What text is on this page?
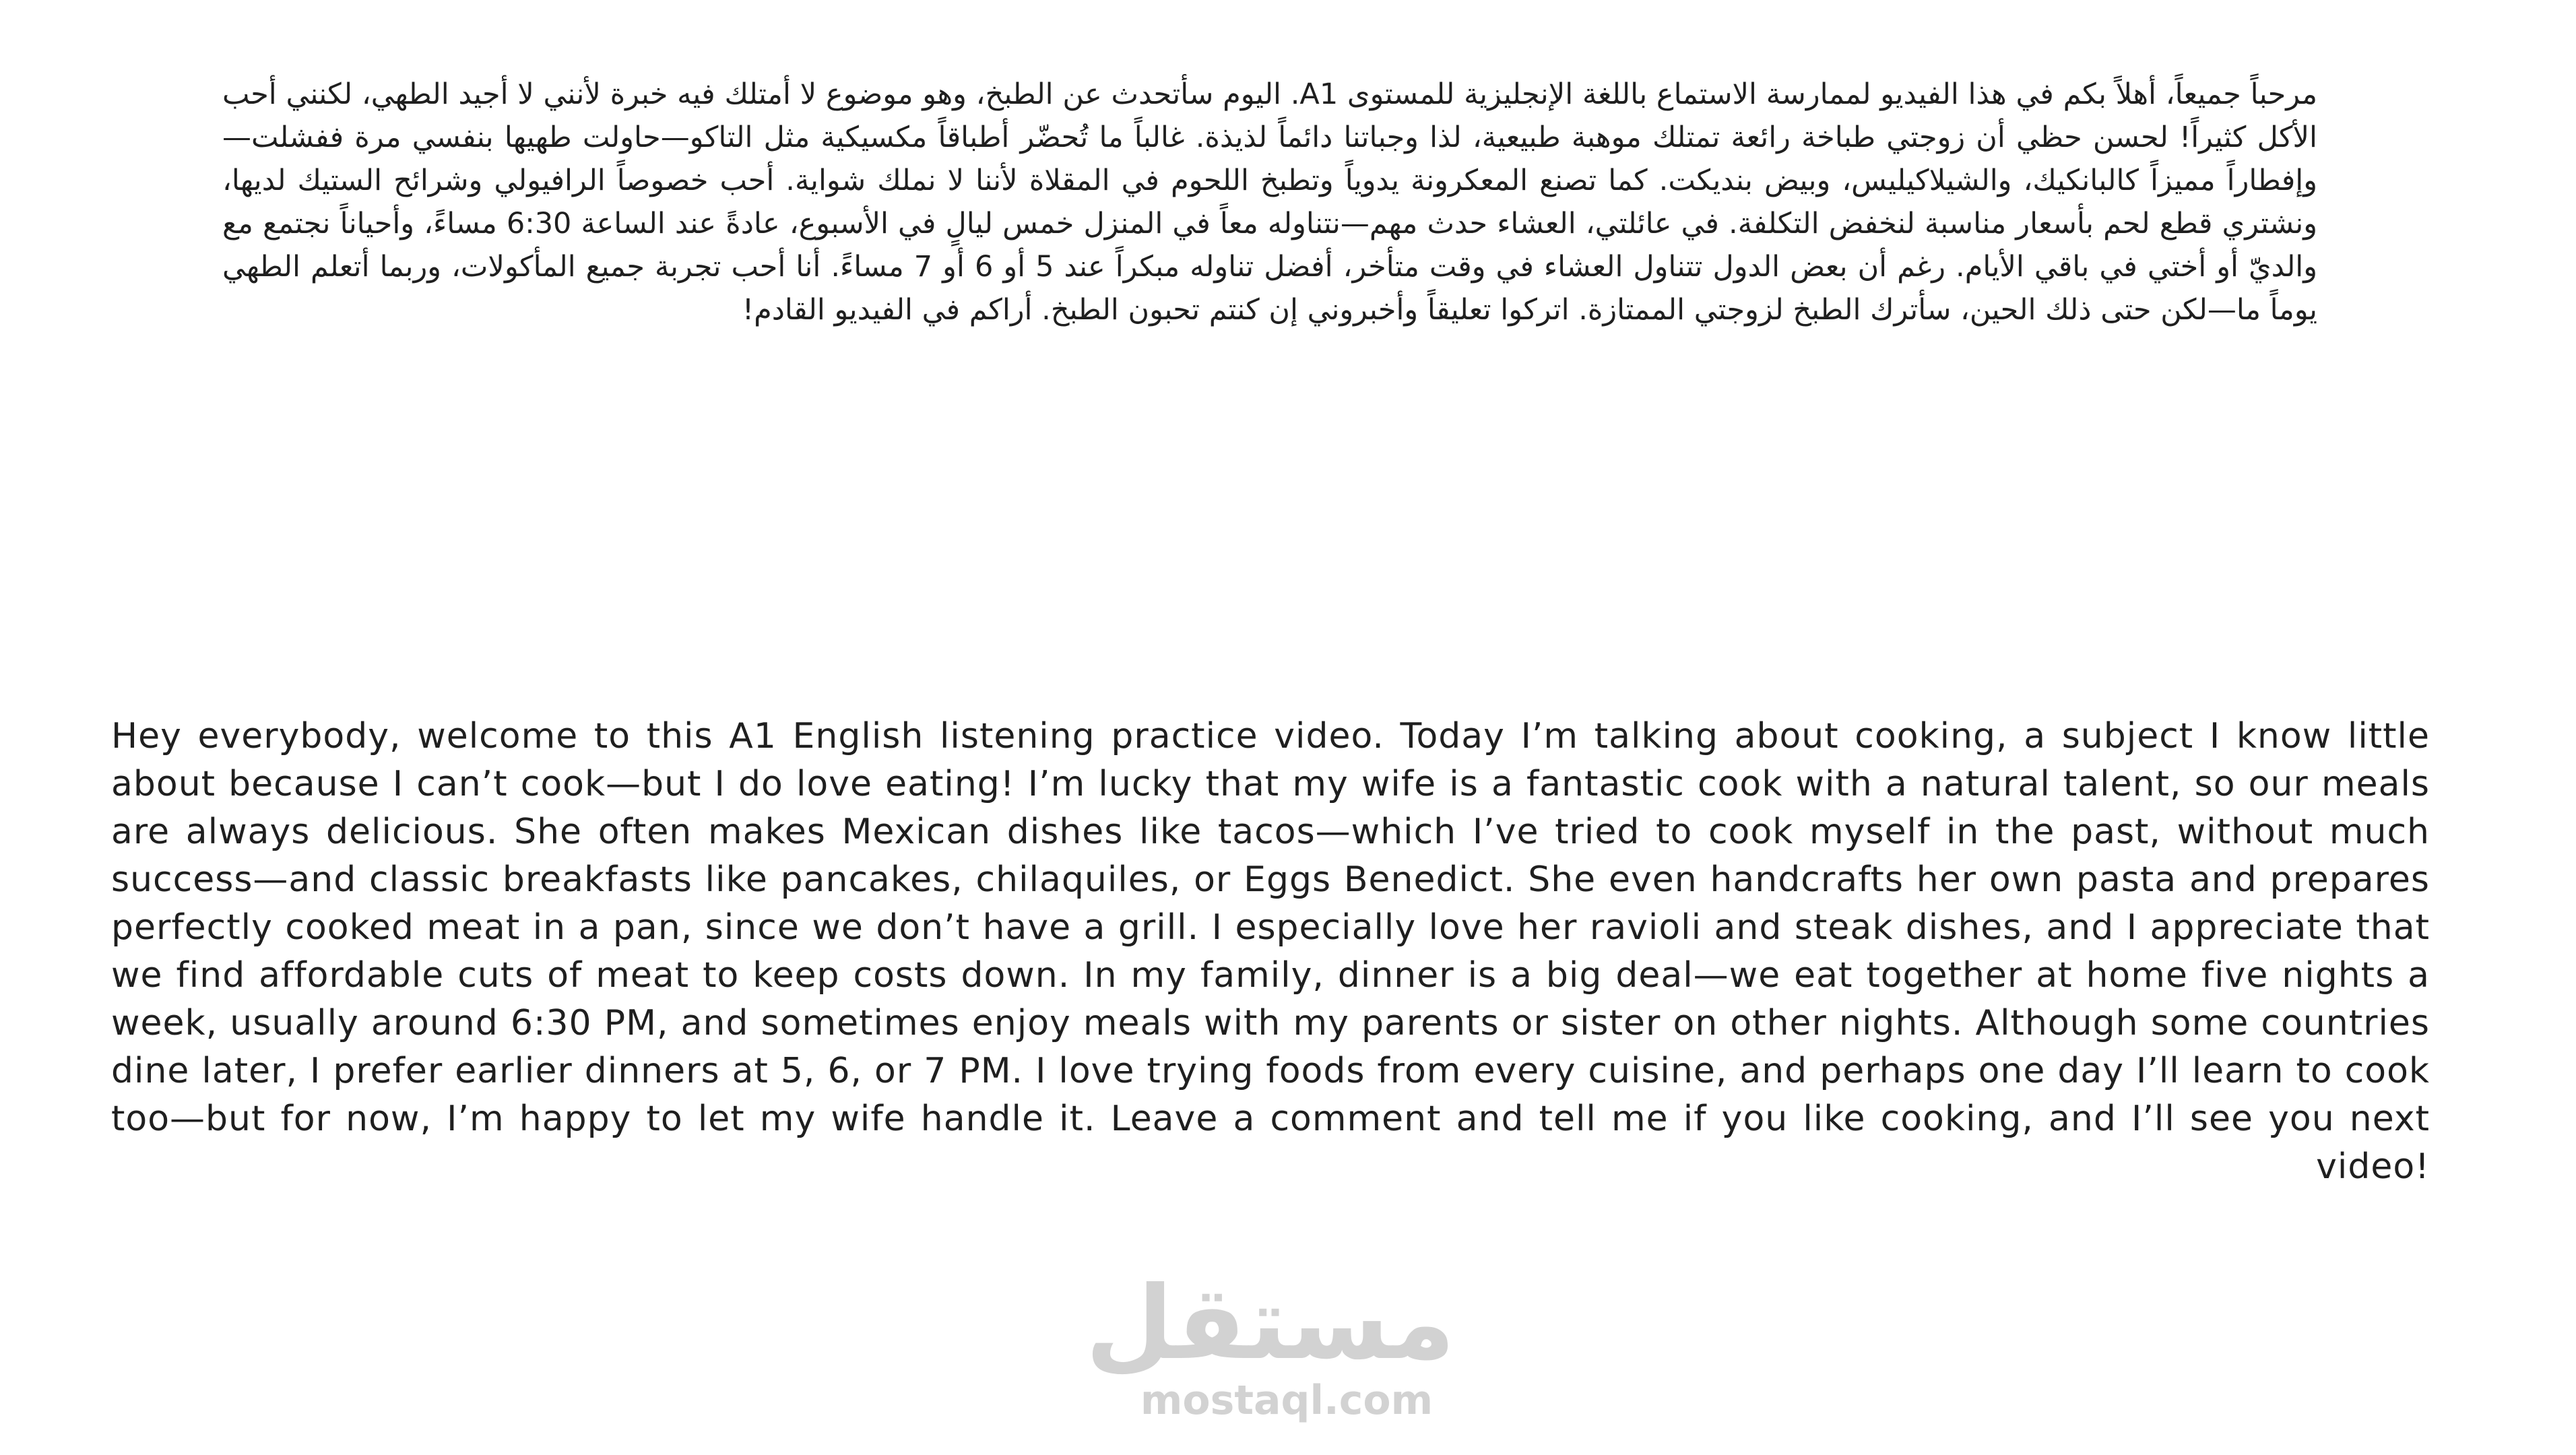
مرحباً جميعاً، أهلاً بكم في هذا الفيديو لممارسة الاستماع باللغة الإنجليزية للمستوى A1. اليوم سأتحدث عن الطبخ، وهو موضوع لا أمتلك فيه خبرة لأنني لا أجيد الطهي، لكنني أحب الأكل كثيراً! لحسن حظي أن زوجتي طباخة رائعة تمتلك موهبة طبيعية، لذا وجباتنا دائماً لذيذة. غالباً ما تُحضّر أطباقاً مكسيكية مثل التاكو—حاولت طهيها بنفسي مرة ففشلت—وإفطاراً مميزاً كالبانكيك، والشيلاكيليس، وبيض بنديكت. كما تصنع المعكرونة يدوياً وتطبخ اللحوم في المقلاة لأننا لا نملك شواية. أحب خصوصاً الرافيولي وشرائح الستيك لديها، ونشتري قطع لحم بأسعار مناسبة لنخفض التكلفة. في عائلتي، العشاء حدث مهم—نتناوله معاً في المنزل خمس ليالٍ في الأسبوع، عادةً عند الساعة 6:30 مساءً، وأحياناً نجتمع مع والديّ أو أختي في باقي الأيام. رغم أن بعض الدول تتناول العشاء في وقت متأخر، أفضل تناوله مبكراً عند 5 أو 6 أو 7 مساءً. أنا أحب تجربة جميع المأكولات، وربما أتعلم الطهي يوماً ما—لكن حتى ذلك الحين، سأترك الطبخ لزوجتي الممتازة. اتركوا تعليقاً وأخبروني إن كنتم تحبون الطبخ. أراكم في الفيديو القادم!

Hey everybody, welcome to this A1 English listening practice video. Today I’m talking about cooking, a subject I know little about because I can’t cook—but I do love eating! I’m lucky that my wife is a fantastic cook with a natural talent, so our meals are always delicious. She often makes Mexican dishes like tacos—which I’ve tried to cook myself in the past, without much success—and classic breakfasts like pancakes, chilaquiles, or Eggs Benedict. She even handcrafts her own pasta and prepares perfectly cooked meat in a pan, since we don’t have a grill. I especially love her ravioli and steak dishes, and I appreciate that we find affordable cuts of meat to keep costs down. In my family, dinner is a big deal—we eat together at home five nights a week, usually around 6:30 PM, and sometimes enjoy meals with my parents or sister on other nights. Although some countries dine later, I prefer earlier dinners at 5, 6, or 7 PM. I love trying foods from every cuisine, and perhaps one day I’ll learn to cook too—but for now, I’m happy to let my wife handle it. Leave a comment and tell me if you like cooking, and I’ll see you next video!

مستقل
mostaql.com
